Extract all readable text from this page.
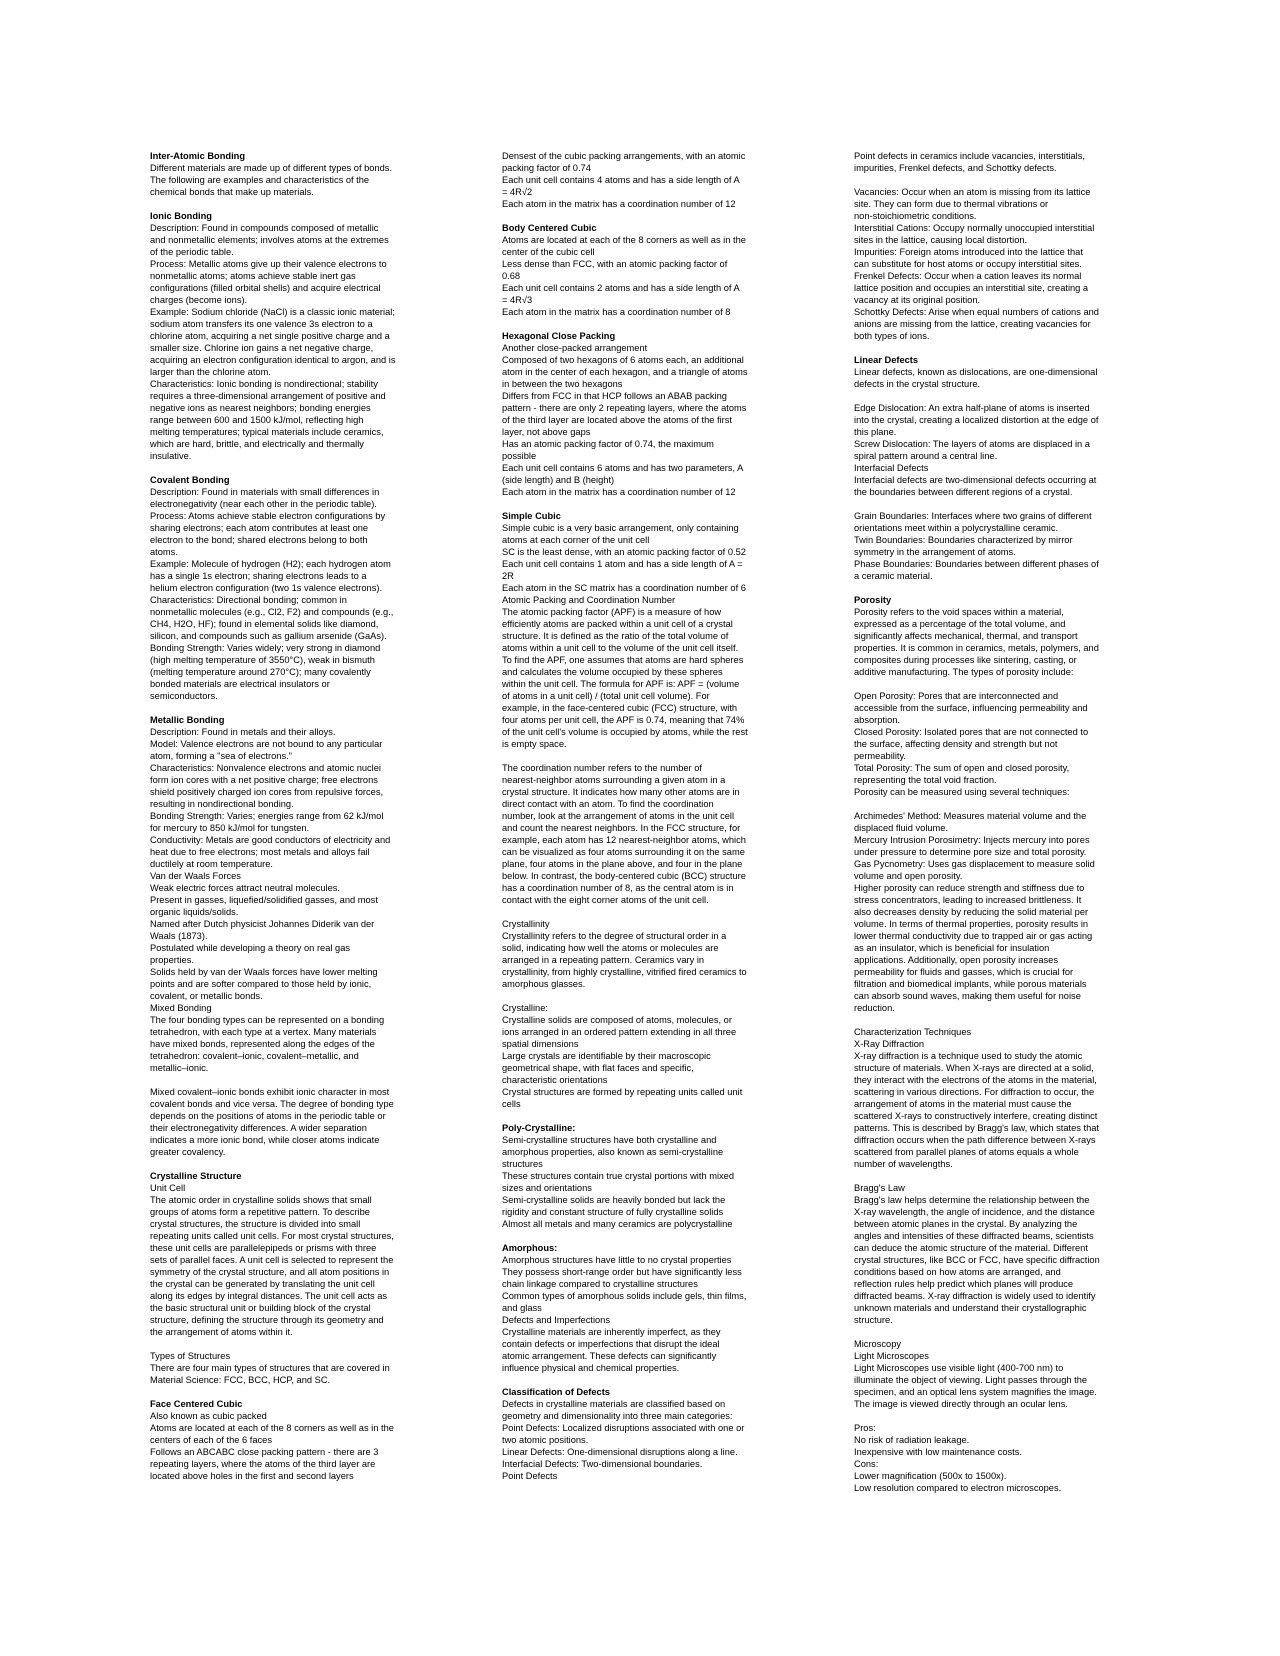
Inter-Atomic Bonding
Different materials are made up of different types of bonds.
The following are examples and characteristics of the
chemical bonds that make up materials.
Ionic Bonding
Description: Found in compounds composed of metallic
and nonmetallic elements; involves atoms at the extremes
of the periodic table.
Process: Metallic atoms give up their valence electrons to
nonmetallic atoms; atoms achieve stable inert gas
configurations (filled orbital shells) and acquire electrical
charges (become ions).
Example: Sodium chloride (NaCl) is a classic ionic material;
sodium atom transfers its one valence 3s electron to a
chlorine atom, acquiring a net single positive charge and a
smaller size. Chlorine ion gains a net negative charge,
acquiring an electron configuration identical to argon, and is
larger than the chlorine atom.
Characteristics: Ionic bonding is nondirectional; stability
requires a three-dimensional arrangement of positive and
negative ions as nearest neighbors; bonding energies
range between 600 and 1500 kJ/mol, reflecting high
melting temperatures; typical materials include ceramics,
which are hard, brittle, and electrically and thermally
insulative.
Covalent Bonding
Description: Found in materials with small differences in
electronegativity (near each other in the periodic table).
Process: Atoms achieve stable electron configurations by
sharing electrons; each atom contributes at least one
electron to the bond; shared electrons belong to both
atoms.
Example: Molecule of hydrogen (H2); each hydrogen atom
has a single 1s electron; sharing electrons leads to a
helium electron configuration (two 1s valence electrons).
Characteristics: Directional bonding; common in
nonmetallic molecules (e.g., Cl2, F2) and compounds (e.g.,
CH4, H2O, HF); found in elemental solids like diamond,
silicon, and compounds such as gallium arsenide (GaAs).
Bonding Strength: Varies widely; very strong in diamond
(high melting temperature of 3550°C), weak in bismuth
(melting temperature around 270°C); many covalently
bonded materials are electrical insulators or
semiconductors.
Metallic Bonding
Description: Found in metals and their alloys.
Model: Valence electrons are not bound to any particular
atom, forming a "sea of electrons."
Characteristics: Nonvalence electrons and atomic nuclei
form ion cores with a net positive charge; free electrons
shield positively charged ion cores from repulsive forces,
resulting in nondirectional bonding.
Bonding Strength: Varies; energies range from 62 kJ/mol
for mercury to 850 kJ/mol for tungsten.
Conductivity: Metals are good conductors of electricity and
heat due to free electrons; most metals and alloys fail
ductilely at room temperature.
Van der Waals Forces
Weak electric forces attract neutral molecules.
Present in gasses, liquefied/solidified gasses, and most
organic liquids/solids.
Named after Dutch physicist Johannes Diderik van der
Waals (1873).
Postulated while developing a theory on real gas
properties.
Solids held by van der Waals forces have lower melting
points and are softer compared to those held by ionic,
covalent, or metallic bonds.
Mixed Bonding
The four bonding types can be represented on a bonding
tetrahedron, with each type at a vertex. Many materials
have mixed bonds, represented along the edges of the
tetrahedron: covalent–ionic, covalent–metallic, and
metallic–ionic.
Mixed covalent–ionic bonds exhibit ionic character in most
covalent bonds and vice versa. The degree of bonding type
depends on the positions of atoms in the periodic table or
their electronegativity differences. A wider separation
indicates a more ionic bond, while closer atoms indicate
greater covalency.
Crystalline Structure
Unit Cell
The atomic order in crystalline solids shows that small
groups of atoms form a repetitive pattern. To describe
crystal structures, the structure is divided into small
repeating units called unit cells. For most crystal structures,
these unit cells are parallelepipeds or prisms with three
sets of parallel faces. A unit cell is selected to represent the
symmetry of the crystal structure, and all atom positions in
the crystal can be generated by translating the unit cell
along its edges by integral distances. The unit cell acts as
the basic structural unit or building block of the crystal
structure, defining the structure through its geometry and
the arrangement of atoms within it.
Types of Structures
There are four main types of structures that are covered in
Material Science: FCC, BCC, HCP, and SC.
Face Centered Cubic
Also known as cubic packed
Atoms are located at each of the 8 corners as well as in the
centers of each of the 6 faces
Follows an ABCABC close packing pattern - there are 3
repeating layers, where the atoms of the third layer are
located above holes in the first and second layers
Densest of the cubic packing arrangements, with an atomic
packing factor of 0.74
Each unit cell contains 4 atoms and has a side length of A
= 4R√2
Each atom in the matrix has a coordination number of 12
Body Centered Cubic
Atoms are located at each of the 8 corners as well as in the
center of the cubic cell
Less dense than FCC, with an atomic packing factor of
0.68
Each unit cell contains 2 atoms and has a side length of A
= 4R√3
Each atom in the matrix has a coordination number of 8
Hexagonal Close Packing
Another close-packed arrangement
Composed of two hexagons of 6 atoms each, an additional
atom in the center of each hexagon, and a triangle of atoms
in between the two hexagons
Differs from FCC in that HCP follows an ABAB packing
pattern - there are only 2 repeating layers, where the atoms
of the third layer are located above the atoms of the first
layer, not above gaps
Has an atomic packing factor of 0.74, the maximum
possible
Each unit cell contains 6 atoms and has two parameters, A
(side length) and B (height)
Each atom in the matrix has a coordination number of 12
Simple Cubic
Simple cubic is a very basic arrangement, only containing
atoms at each corner of the unit cell
SC is the least dense, with an atomic packing factor of 0.52
Each unit cell contains 1 atom and has a side length of A =
2R
Each atom in the SC matrix has a coordination number of 6
Atomic Packing and Coordination Number
The atomic packing factor (APF) is a measure of how
efficiently atoms are packed within a unit cell of a crystal
structure. It is defined as the ratio of the total volume of
atoms within a unit cell to the volume of the unit cell itself.
To find the APF, one assumes that atoms are hard spheres
and calculates the volume occupied by these spheres
within the unit cell. The formula for APF is: APF = (volume
of atoms in a unit cell) / (total unit cell volume). For
example, in the face-centered cubic (FCC) structure, with
four atoms per unit cell, the APF is 0.74, meaning that 74%
of the unit cell's volume is occupied by atoms, while the rest
is empty space.
The coordination number refers to the number of
nearest-neighbor atoms surrounding a given atom in a
crystal structure. It indicates how many other atoms are in
direct contact with an atom. To find the coordination
number, look at the arrangement of atoms in the unit cell
and count the nearest neighbors. In the FCC structure, for
example, each atom has 12 nearest-neighbor atoms, which
can be visualized as four atoms surrounding it on the same
plane, four atoms in the plane above, and four in the plane
below. In contrast, the body-centered cubic (BCC) structure
has a coordination number of 8, as the central atom is in
contact with the eight corner atoms of the unit cell.
Crystallinity
Crystallinity refers to the degree of structural order in a
solid, indicating how well the atoms or molecules are
arranged in a repeating pattern. Ceramics vary in
crystallinity, from highly crystalline, vitrified fired ceramics to
amorphous glasses.
Crystalline:
Crystalline solids are composed of atoms, molecules, or
ions arranged in an ordered pattern extending in all three
spatial dimensions
Large crystals are identifiable by their macroscopic
geometrical shape, with flat faces and specific,
characteristic orientations
Crystal structures are formed by repeating units called unit
cells
Poly-Crystalline:
Semi-crystalline structures have both crystalline and
amorphous properties, also known as semi-crystalline
structures
These structures contain true crystal portions with mixed
sizes and orientations
Semi-crystalline solids are heavily bonded but lack the
rigidity and constant structure of fully crystalline solids
Almost all metals and many ceramics are polycrystalline
Amorphous:
Amorphous structures have little to no crystal properties
They possess short-range order but have significantly less
chain linkage compared to crystalline structures
Common types of amorphous solids include gels, thin films,
and glass
Defects and Imperfections
Crystalline materials are inherently imperfect, as they
contain defects or imperfections that disrupt the ideal
atomic arrangement. These defects can significantly
influence physical and chemical properties.
Classification of Defects
Defects in crystalline materials are classified based on
geometry and dimensionality into three main categories:
Point Defects: Localized disruptions associated with one or
two atomic positions.
Linear Defects: One-dimensional disruptions along a line.
Interfacial Defects: Two-dimensional boundaries.
Point Defects
Point defects in ceramics include vacancies, interstitials,
impurities, Frenkel defects, and Schottky defects.
Vacancies: Occur when an atom is missing from its lattice
site. They can form due to thermal vibrations or
non-stoichiometric conditions.
Interstitial Cations: Occupy normally unoccupied interstitial
sites in the lattice, causing local distortion.
Impurities: Foreign atoms introduced into the lattice that
can substitute for host atoms or occupy interstitial sites.
Frenkel Defects: Occur when a cation leaves its normal
lattice position and occupies an interstitial site, creating a
vacancy at its original position.
Schottky Defects: Arise when equal numbers of cations and
anions are missing from the lattice, creating vacancies for
both types of ions.
Linear Defects
Linear defects, known as dislocations, are one-dimensional
defects in the crystal structure.
Edge Dislocation: An extra half-plane of atoms is inserted
into the crystal, creating a localized distortion at the edge of
this plane.
Screw Dislocation: The layers of atoms are displaced in a
spiral pattern around a central line.
Interfacial Defects
Interfacial defects are two-dimensional defects occurring at
the boundaries between different regions of a crystal.
Grain Boundaries: Interfaces where two grains of different
orientations meet within a polycrystalline ceramic.
Twin Boundaries: Boundaries characterized by mirror
symmetry in the arrangement of atoms.
Phase Boundaries: Boundaries between different phases of
a ceramic material.
Porosity
Porosity refers to the void spaces within a material,
expressed as a percentage of the total volume, and
significantly affects mechanical, thermal, and transport
properties. It is common in ceramics, metals, polymers, and
composites during processes like sintering, casting, or
additive manufacturing. The types of porosity include:
Open Porosity: Pores that are interconnected and
accessible from the surface, influencing permeability and
absorption.
Closed Porosity: Isolated pores that are not connected to
the surface, affecting density and strength but not
permeability.
Total Porosity: The sum of open and closed porosity,
representing the total void fraction.
Porosity can be measured using several techniques:
Archimedes' Method: Measures material volume and the
displaced fluid volume.
Mercury Intrusion Porosimetry: Injects mercury into pores
under pressure to determine pore size and total porosity.
Gas Pycnometry: Uses gas displacement to measure solid
volume and open porosity.
Higher porosity can reduce strength and stiffness due to
stress concentrators, leading to increased brittleness. It
also decreases density by reducing the solid material per
volume. In terms of thermal properties, porosity results in
lower thermal conductivity due to trapped air or gas acting
as an insulator, which is beneficial for insulation
applications. Additionally, open porosity increases
permeability for fluids and gasses, which is crucial for
filtration and biomedical implants, while porous materials
can absorb sound waves, making them useful for noise
reduction.
Characterization Techniques
X-Ray Diffraction
X-ray diffraction is a technique used to study the atomic
structure of materials. When X-rays are directed at a solid,
they interact with the electrons of the atoms in the material,
scattering in various directions. For diffraction to occur, the
arrangement of atoms in the material must cause the
scattered X-rays to constructively interfere, creating distinct
patterns. This is described by Bragg's law, which states that
diffraction occurs when the path difference between X-rays
scattered from parallel planes of atoms equals a whole
number of wavelengths.
Bragg's Law
Bragg's law helps determine the relationship between the
X-ray wavelength, the angle of incidence, and the distance
between atomic planes in the crystal. By analyzing the
angles and intensities of these diffracted beams, scientists
can deduce the atomic structure of the material. Different
crystal structures, like BCC or FCC, have specific diffraction
conditions based on how atoms are arranged, and
reflection rules help predict which planes will produce
diffracted beams. X-ray diffraction is widely used to identify
unknown materials and understand their crystallographic
structure.
Microscopy
Light Microscopes
Light Microscopes use visible light (400-700 nm) to
illuminate the object of viewing. Light passes through the
specimen, and an optical lens system magnifies the image.
The image is viewed directly through an ocular lens.
Pros:
No risk of radiation leakage.
Inexpensive with low maintenance costs.
Cons:
Lower magnification (500x to 1500x).
Low resolution compared to electron microscopes.
